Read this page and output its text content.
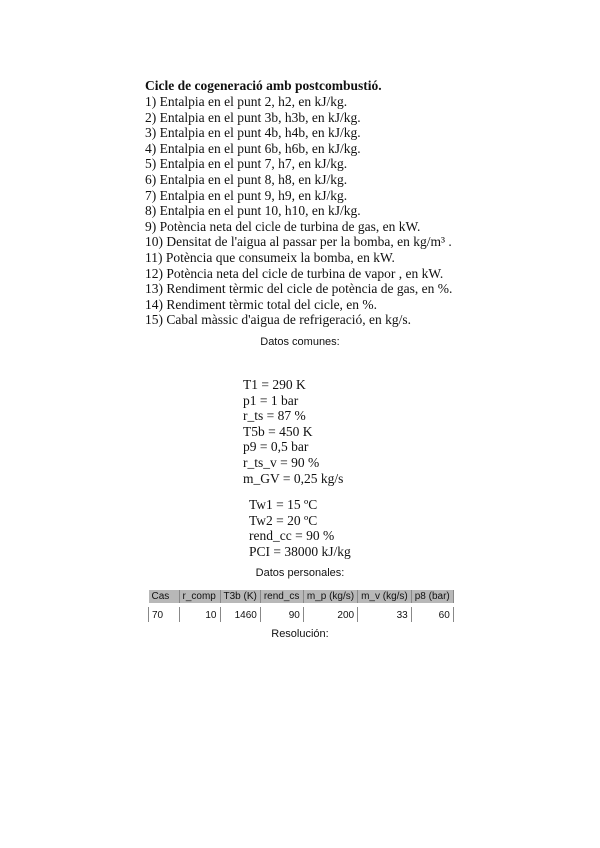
Cicle de cogeneració amb postcombustió.

1) Entalpia en el punt 2, h2, en kJ/kg.
2) Entalpia en el punt 3b, h3b, en kJ/kg.
3) Entalpia en el punt 4b, h4b, en kJ/kg.
4) Entalpia en el punt 6b, h6b, en kJ/kg.
5) Entalpia en el punt 7, h7, en kJ/kg.
6) Entalpia en el punt 8, h8, en kJ/kg.
7) Entalpia en el punt 9, h9, en kJ/kg.
8) Entalpia en el punt 10, h10, en kJ/kg.
9) Potència neta del cicle de turbina de gas, en kW.
10) Densitat de l'aigua al passar per la bomba, en kg/m³ .
11) Potència que consumeix la bomba, en kW.
12) Potència neta del cicle de turbina de vapor , en kW.
13) Rendiment tèrmic del cicle de potència de gas, en %.
14) Rendiment tèrmic total del cicle, en %.
15) Cabal màssic d'aigua de refrigeració, en kg/s.
Datos comunes:
T1 = 290 K
p1 = 1 bar
r_ts = 87 %
T5b = 450 K
p9 = 0,5 bar
r_ts_v = 90 %
m_GV = 0,25 kg/s
Tw1 = 15 ºC
Tw2 = 20 ºC
rend_cc = 90 %
PCI = 38000 kJ/kg
Datos personales:
Cas	r_comp	T3b (K)	rend_cs	m_p (kg/s)	m_v (kg/s)	p8 (bar)
70	10	1460	90	200	33	60
Resolución:
